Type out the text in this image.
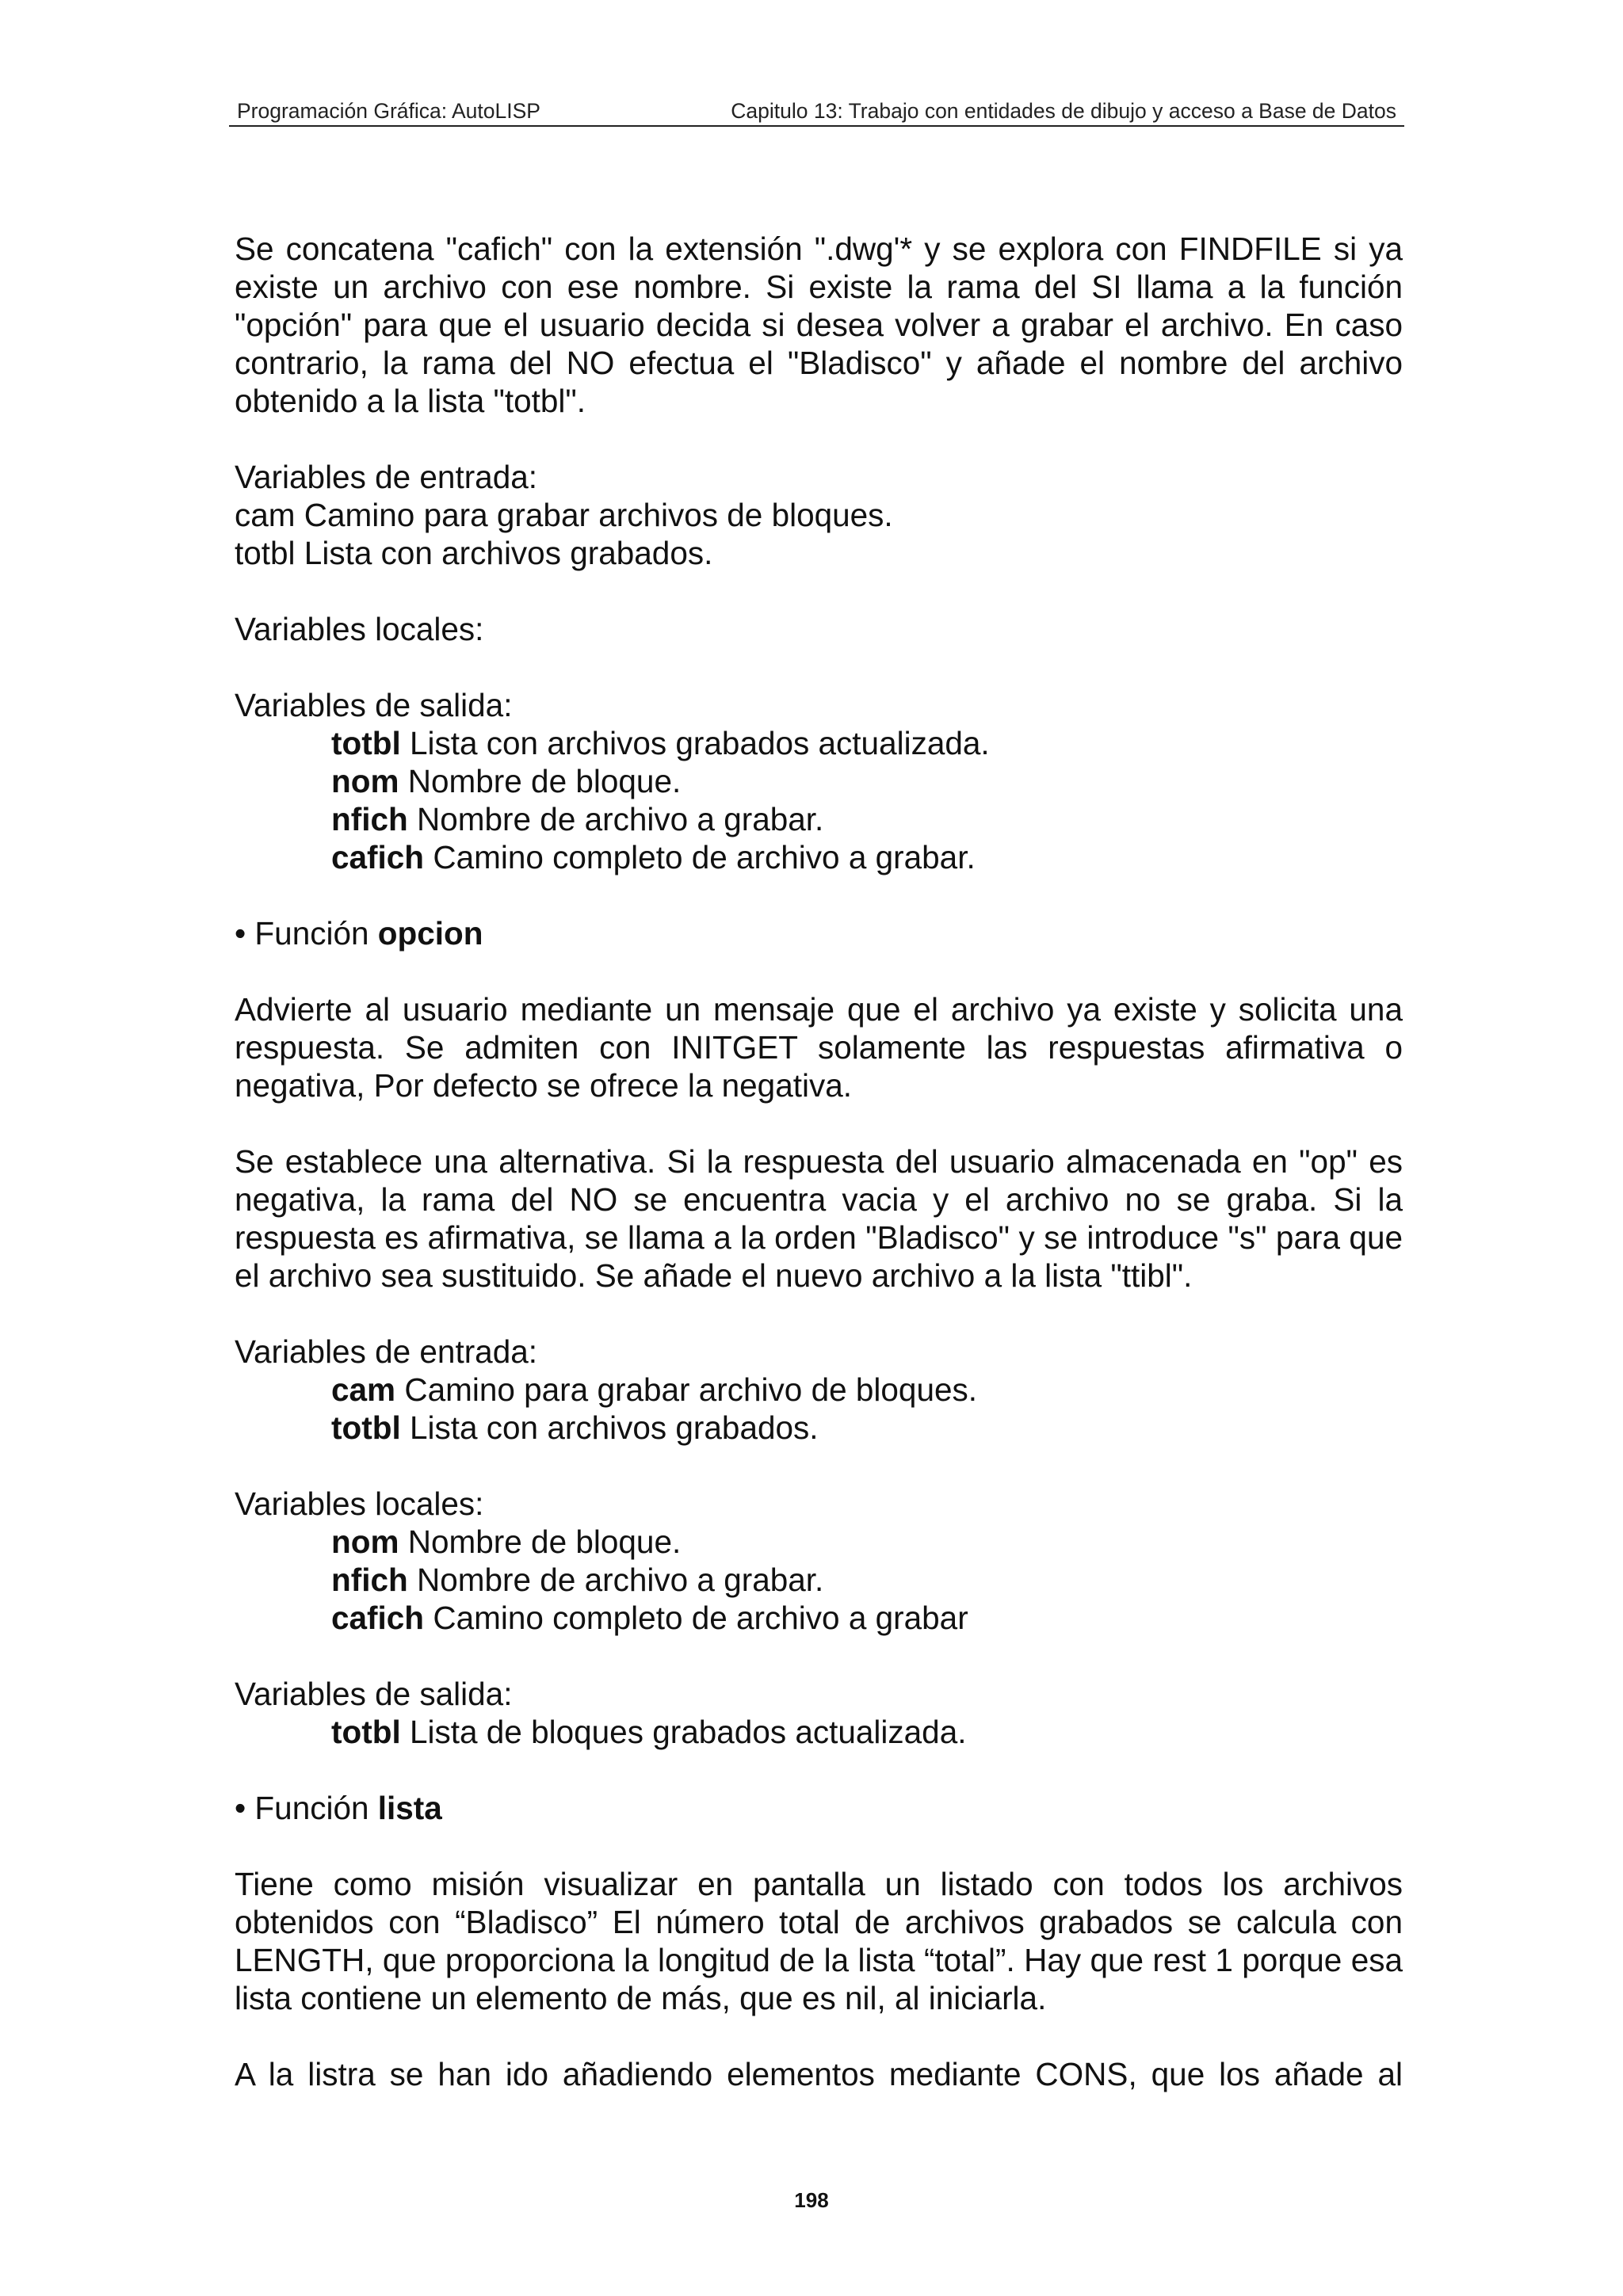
Programación Gráfica: AutoLISP	Capitulo 13: Trabajo con entidades de dibujo y acceso a Base de Datos

Se concatena "cafich" con la extensión ".dwg'* y se explora con FINDFILE si ya existe un archivo con ese nombre. Si existe la rama del SI llama a la función "opción" para que el usuario decida si desea volver a grabar el archivo. En caso contrario, la rama del NO efectua el "Bladisco" y añade el nombre del archivo obtenido a la lista "totbl".

Variables de entrada:
cam Camino para grabar archivos de bloques.
totbl Lista con archivos grabados.
Variables locales:
Variables de salida:
totbl Lista con archivos grabados actualizada.
nom Nombre de bloque.
nfich Nombre de archivo a grabar.
cafich Camino completo de archivo a grabar.

• Función opcion

Advierte al usuario mediante un mensaje que el archivo ya existe y solicita una respuesta. Se admiten con INITGET solamente las respuestas afirmativa o negativa, Por defecto se ofrece la negativa.

Se establece una alternativa. Si la respuesta del usuario almacenada en "op" es negativa, la rama del NO se encuentra vacia y el archivo no se graba. Si la respuesta es afirmativa, se llama a la orden "Bladisco" y se introduce "s" para que el archivo sea sustituido. Se añade el nuevo archivo a la lista "ttibl".

Variables de entrada:
cam Camino para grabar archivo de bloques.
totbl Lista con archivos grabados.
Variables locales:
nom Nombre de bloque.
nfich Nombre de archivo a grabar.
cafich Camino completo de archivo a grabar
Variables de salida:
totbl Lista de bloques grabados actualizada.

• Función lista

Tiene como misión visualizar en pantalla un listado con todos los archivos obtenidos con “Bladisco” El número total de archivos grabados se calcula con LENGTH, que proporciona la longitud de la lista “total”. Hay que rest 1 porque esa lista contiene un elemento de más, que es nil, al iniciarla.

A la listra se han ido añadiendo elementos mediante CONS, que los añade al

198
